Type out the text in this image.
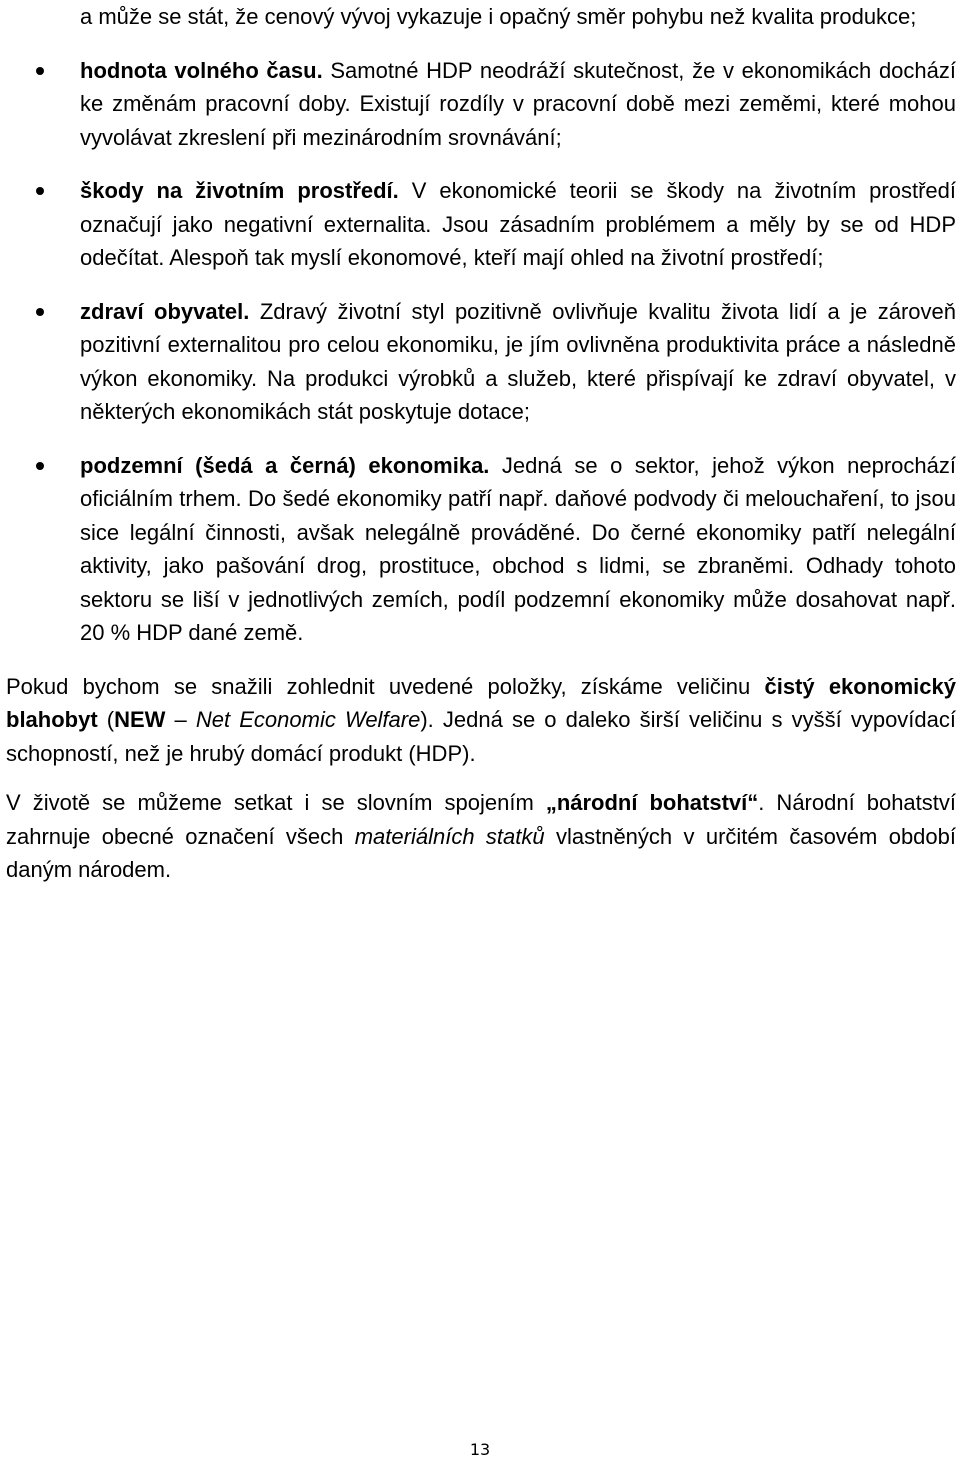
a může se stát, že cenový vývoj vykazuje i opačný směr pohybu než kvalita produkce;
hodnota volného času. Samotné HDP neodráží skutečnost, že v ekonomikách dochází ke změnám pracovní doby. Existují rozdíly v pracovní době mezi zeměmi, které mohou vyvolávat zkreslení při mezinárodním srovnávání;
škody na životním prostředí. V ekonomické teorii se škody na životním prostředí označují jako negativní externalita. Jsou zásadním problémem a měly by se od HDP odečítat. Alespoň tak myslí ekonomové, kteří mají ohled na životní prostředí;
zdraví obyvatel. Zdravý životní styl pozitivně ovlivňuje kvalitu života lidí a je zároveň pozitivní externalitou pro celou ekonomiku, je jím ovlivněna produktivita práce a následně výkon ekonomiky. Na produkci výrobků a služeb, které přispívají ke zdraví obyvatel, v některých ekonomikách stát poskytuje dotace;
podzemní (šedá a černá) ekonomika. Jedná se o sektor, jehož výkon neprochází oficiálním trhem. Do šedé ekonomiky patří např. daňové podvody či melouchaření, to jsou sice legální činnosti, avšak nelegálně prováděné. Do černé ekonomiky patří nelegální aktivity, jako pašování drog, prostituce, obchod s lidmi, se zbraněmi. Odhady tohoto sektoru se liší v jednotlivých zemích, podíl podzemní ekonomiky může dosahovat např. 20 % HDP dané země.

Pokud bychom se snažili zohlednit uvedené položky, získáme veličinu čistý ekonomický blahobyt (NEW – Net Economic Welfare). Jedná se o daleko širší veličinu s vyšší vypovídací schopností, než je hrubý domácí produkt (HDP).

V životě se můžeme setkat i se slovním spojením „národní bohatství“. Národní bohatství zahrnuje obecné označení všech materiálních statků vlastněných v určitém časovém období daným národem.

13
